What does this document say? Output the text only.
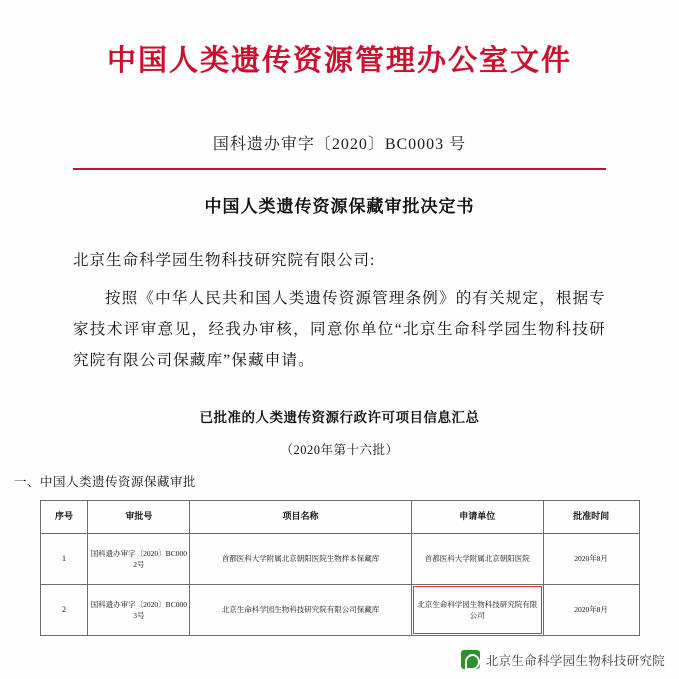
中国人类遗传资源管理办公室文件
国科遗办审字〔2020〕BC0003 号
中国人类遗传资源保藏审批决定书
北京生命科学园生物科技研究院有限公司:
按照《中华人民共和国人类遗传资源管理条例》的有关规定，根据专家技术评审意见，经我办审核，同意你单位“北京生命科学园生物科技研究院有限公司保藏库”保藏申请。
已批准的人类遗传资源行政许可项目信息汇总
（2020年第十六批）
一、中国人类遗传资源保藏审批
序号	审批号	项目名称	申请单位	批准时间
1	国科遗办审字〔2020〕BC0002号	首都医科大学附属北京朝阳医院生物样本保藏库	首都医科大学附属北京朝阳医院	2020年8月
2	国科遗办审字〔2020〕BC0003号	北京生命科学园生物科技研究院有限公司保藏库	北京生命科学园生物科技研究院有限公司	2020年8月
北京生命科学园生物科技研究院
